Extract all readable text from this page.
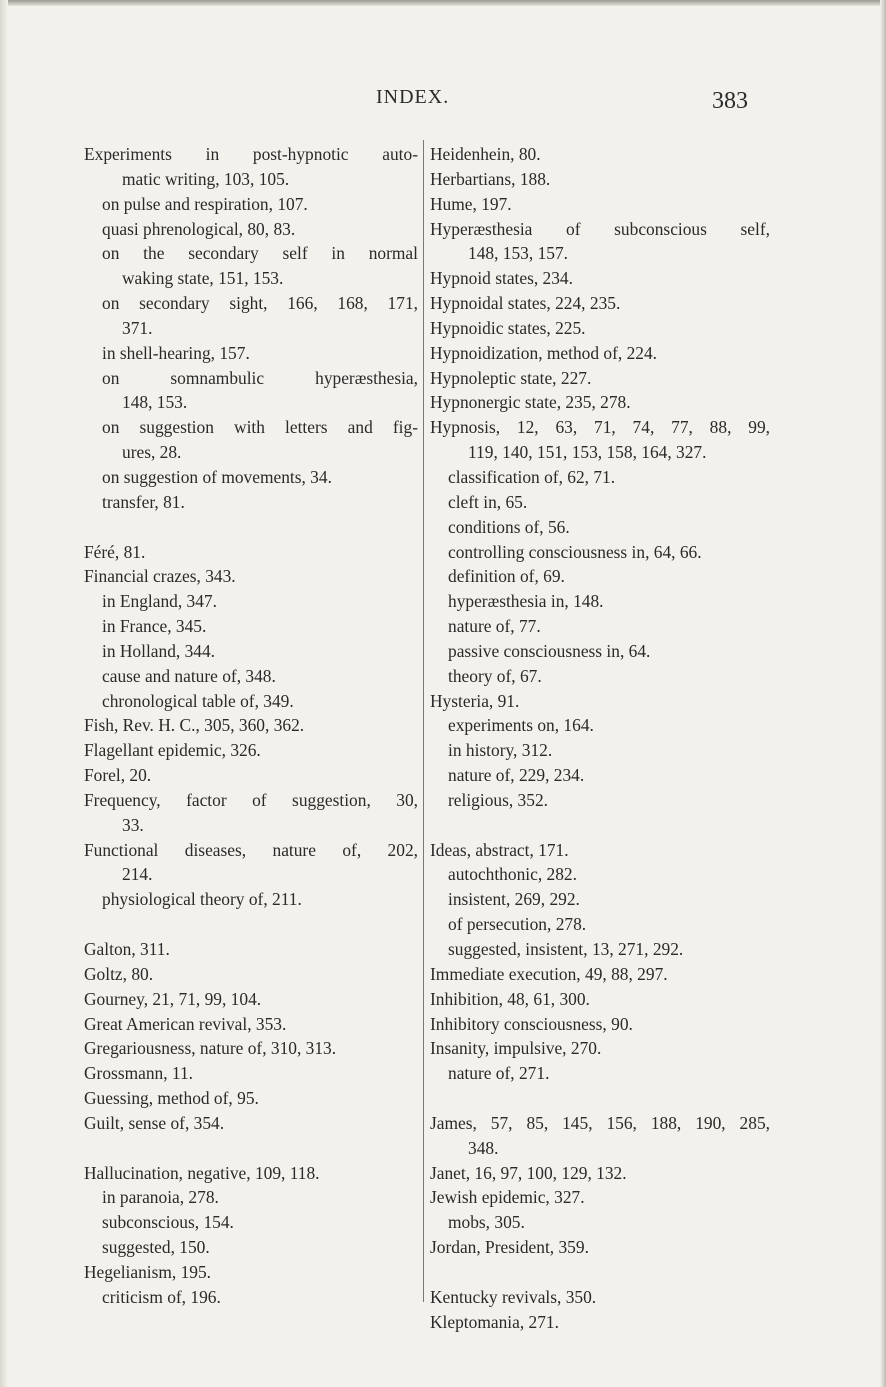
INDEX.	383
Experiments in post-hypnotic auto-
matic writing, 103, 105.
on pulse and respiration, 107.
quasi phrenological, 80, 83.
on the secondary self in normal
waking state, 151, 153.
on secondary sight, 166, 168, 171,
371.
in shell-hearing, 157.
on somnambulic hyperæsthesia,
148, 153.
on suggestion with letters and fig-
ures, 28.
on suggestion of movements, 34.
transfer, 81.
Féré, 81.
Financial crazes, 343.
in England, 347.
in France, 345.
in Holland, 344.
cause and nature of, 348.
chronological table of, 349.
Fish, Rev. H. C., 305, 360, 362.
Flagellant epidemic, 326.
Forel, 20.
Frequency, factor of suggestion, 30,
33.
Functional diseases, nature of, 202,
214.
physiological theory of, 211.
Galton, 311.
Goltz, 80.
Gourney, 21, 71, 99, 104.
Great American revival, 353.
Gregariousness, nature of, 310, 313.
Grossmann, 11.
Guessing, method of, 95.
Guilt, sense of, 354.
Hallucination, negative, 109, 118.
in paranoia, 278.
subconscious, 154.
suggested, 150.
Hegelianism, 195.
criticism of, 196.
Heidenhein, 80.
Herbartians, 188.
Hume, 197.
Hyperæsthesia of subconscious self,
148, 153, 157.
Hypnoid states, 234.
Hypnoidal states, 224, 235.
Hypnoidic states, 225.
Hypnoidization, method of, 224.
Hypnoleptic state, 227.
Hypnonergic state, 235, 278.
Hypnosis, 12, 63, 71, 74, 77, 88, 99,
119, 140, 151, 153, 158, 164, 327.
classification of, 62, 71.
cleft in, 65.
conditions of, 56.
controlling consciousness in, 64, 66.
definition of, 69.
hyperæsthesia in, 148.
nature of, 77.
passive consciousness in, 64.
theory of, 67.
Hysteria, 91.
experiments on, 164.
in history, 312.
nature of, 229, 234.
religious, 352.
Ideas, abstract, 171.
autochthonic, 282.
insistent, 269, 292.
of persecution, 278.
suggested, insistent, 13, 271, 292.
Immediate execution, 49, 88, 297.
Inhibition, 48, 61, 300.
Inhibitory consciousness, 90.
Insanity, impulsive, 270.
nature of, 271.
James, 57, 85, 145, 156, 188, 190, 285,
348.
Janet, 16, 97, 100, 129, 132.
Jewish epidemic, 327.
mobs, 305.
Jordan, President, 359.
Kentucky revivals, 350.
Kleptomania, 271.
